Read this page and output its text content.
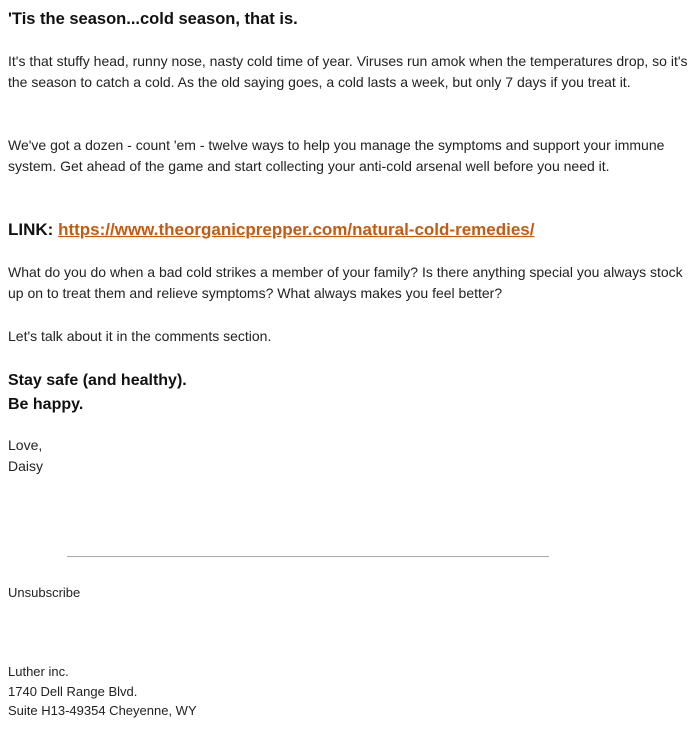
'Tis the season...cold season, that is.

It's that stuffy head, runny nose, nasty cold time of year. Viruses run amok when the temperatures drop, so it's the season to catch a cold. As the old saying goes, a cold lasts a week, but only 7 days if you treat it.

We've got a dozen - count 'em - twelve ways to help you manage the symptoms and support your immune system. Get ahead of the game and start collecting your anti-cold arsenal well before you need it.

LINK: https://www.theorganicprepper.com/natural-cold-remedies/

What do you do when a bad cold strikes a member of your family? Is there anything special you always stock up on to treat them and relieve symptoms? What always makes you feel better?

Let's talk about it in the comments section.

Stay safe (and healthy).
Be happy.

Love,
Daisy

Unsubscribe

Luther inc.
1740 Dell Range Blvd.
Suite H13-49354 Cheyenne, WY
